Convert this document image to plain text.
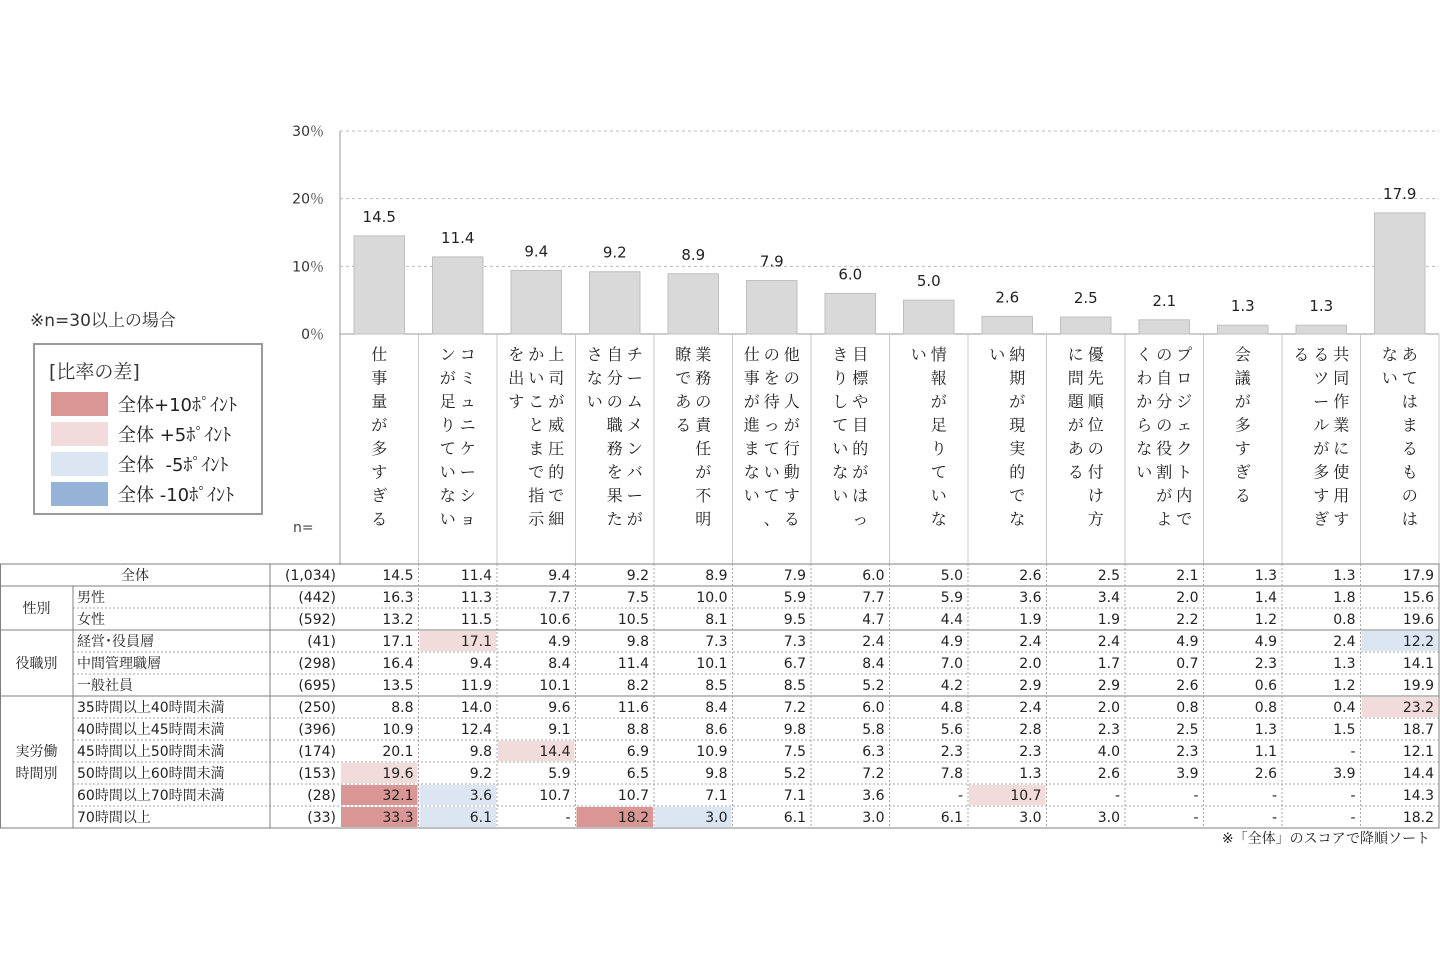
※n=30以上の場合
[比率の差]
全体+10ﾎﾟｲﾝﾄ
全体 +5ﾎﾟｲﾝﾄ
全体  -5ﾎﾟｲﾝﾄ
全体 -10ﾎﾟｲﾝﾄ
n=
30％
20％
10％
0％
14.5
11.4
9.4	9.2	8.9	7.9
6.0	5.0
2.6	2.5	2.1	1.3	1.3
17.9
仕事量が多すぎる
コミュニケーションが足りていない
上司が威圧的で細かいことまで指示を出す
チームメンバーが自分の職務を果たさない
業務の責任が不明瞭である
他の人が行動するのを待っていて、仕事が進まない
目標や目的がはっきりしていない
情報が足りていない	納期が現実的でない	優先順位の付け方に問題がある
プロジェクト内での自分の役割がよくわからない
会議が多すぎる
共同作業に使用するツールが多すぎる	あてはまるものはない
性別
役職別
実労働
時間別
全体	(1,034)	14.5	11.4	9.4	9.2	8.9	7.9	6.0	5.0	2.6	2.5	2.1	1.3	1.3	17.9
男性	(442)	16.3	11.3	7.7	7.5	10.0	5.9	7.7	5.9	3.6	3.4	2.0	1.4	1.8	15.6
女性	(592)	13.2	11.5	10.6	10.5	8.1	9.5	4.7	4.4	1.9	1.9	2.2	1.2	0.8	19.6
経営･役員層	(41)	17.1	17.1	4.9	9.8	7.3	7.3	2.4	4.9	2.4	2.4	4.9	4.9	2.4	12.2
中間管理職層	(298)	16.4	9.4	8.4	11.4	10.1	6.7	8.4	7.0	2.0	1.7	0.7	2.3	1.3	14.1
一般社員	(695)	13.5	11.9	10.1	8.2	8.5	8.5	5.2	4.2	2.9	2.9	2.6	0.6	1.2	19.9
35時間以上40時間未満	(250)	8.8	14.0	9.6	11.6	8.4	7.2	6.0	4.8	2.4	2.0	0.8	0.8	0.4	23.2
40時間以上45時間未満	(396)	10.9	12.4	9.1	8.8	8.6	9.8	5.8	5.6	2.8	2.3	2.5	1.3	1.5	18.7
45時間以上50時間未満	(174)	20.1	9.8	14.4	6.9	10.9	7.5	6.3	2.3	2.3	4.0	2.3	1.1	-	12.1
50時間以上60時間未満	(153)	19.6	9.2	5.9	6.5	9.8	5.2	7.2	7.8	1.3	2.6	3.9	2.6	3.9	14.4
60時間以上70時間未満	(28)	32.1	3.6	10.7	10.7	7.1	7.1	3.6	-	10.7	-	-	-	-	14.3
70時間以上	(33)	33.3	6.1	-	18.2	3.0	6.1	3.0	6.1	3.0	3.0	-	-	-	18.2
※「全体」のスコアで降順ソート
